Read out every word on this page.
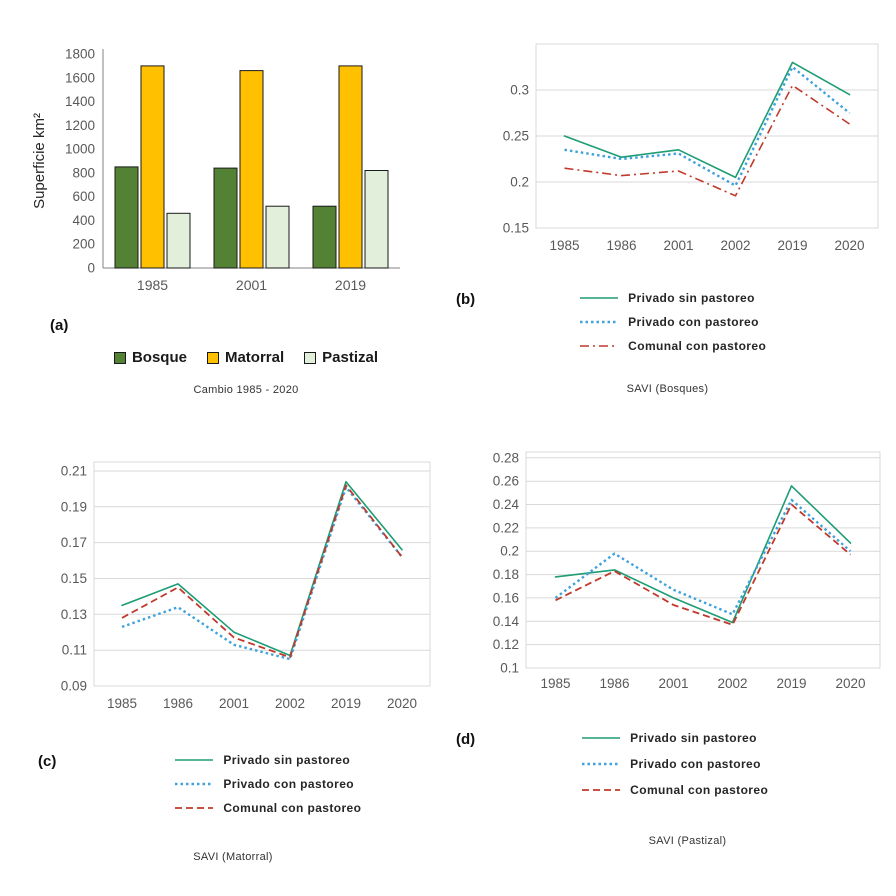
0
200
400
600
800
1000
1200
1400
1600
1800
1985	2001	2019
Superficie km²
(a)
Bosque	Matorral	Pastizal
Cambio 1985 - 2020
0.15
0.2
0.25
0.3
1985 1986 2001 2002 2019 2020
(b)	Privado sin pastoreo
Privado con pastoreo
Comunal con pastoreo
SAVI (Bosques)
0.09
0.11
0.13
0.15
0.17
0.19
0.21
1985 1986 2001 2002 2019 2020
(c)	Privado sin pastoreo
Privado con pastoreo
Comunal con pastoreo
SAVI (Matorral)
0.1
0.12
0.14
0.16
0.18
0.2
0.22
0.24
0.26
0.28
1985 1986 2001 2002 2019 2020
(d)	Privado sin pastoreo
Privado con pastoreo
Comunal con pastoreo
SAVI (Pastizal)
